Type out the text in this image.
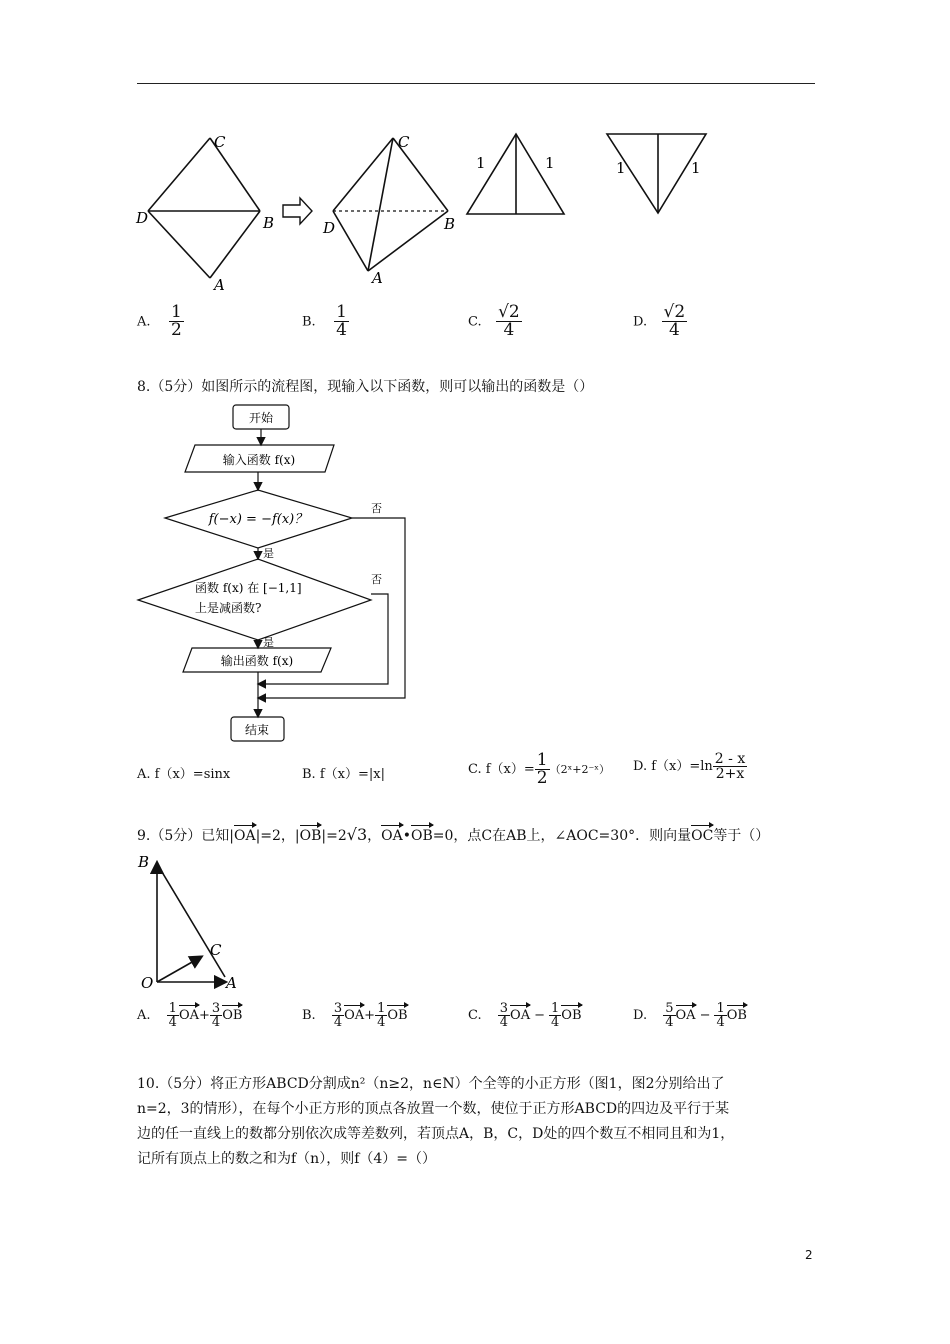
C
D	B
A
C
D	B
A
1	1	1	1
A. $\frac{1}{2}$	B. $\frac{1}{4}$	C. $\frac{√2}{4}$	D. $\frac{√2}{4}$
8.（5分）如图所示的流程图，现输入以下函数，则可以输出的函数是（）
开始
输入函数 f(x)
f(−x) = −f(x)？
函数 f(x) 在 [−1,1]
上是减函数?
输出函数 f(x)
结束
否
是
否
是
A. f（x）=sinx	B. f（x）=|x|	C. $f(x)= \frac{1}{2}$ （2ˣ+2⁻ˣ） D. $f(x)=\ln \frac{2 - x}{2+x}$
9.（5分）已知|OA|=2，|OB|=2√3，OA•OB=0，点C在AB上，∠AOC=30°．则向量OC等于（）
B
C
O	A
A. $\frac{1}{4} OA+ \frac{3}{4}$ OB	B. $\frac{3}{4} OA+ \frac{1}{4}$ OB	C. $\frac{3}{4}$ OA − $\frac{1}{4}$ OB	D. $\frac{5}{4}$ OA − $\frac{1}{4}$ OB
10.（5分）将正方形ABCD分割成n²（n≥2，n∈N）个全等的小正方形（图1，图2分别给出了
n=2，3的情形），在每个小正方形的顶点各放置一个数，使位于正方形ABCD的四边及平行于某
边的任一直线上的数都分别依次成等差数列，若顶点A，B，C，D处的四个数互不相同且和为1，
记所有顶点上的数之和为f（n），则f（4）=（）
2
